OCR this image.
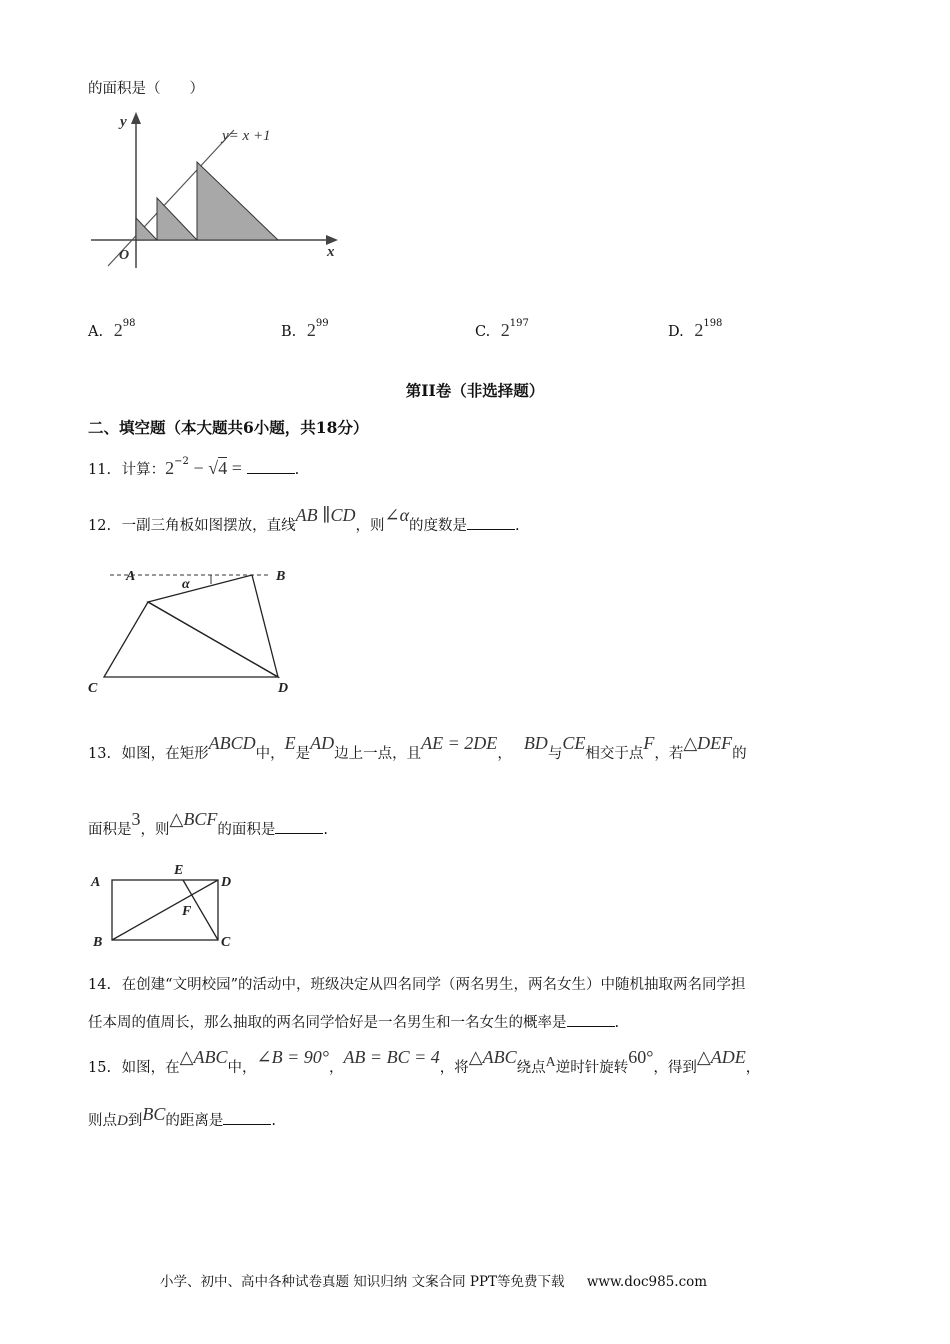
的面积是（　　）
y
x
O
y= x +1
A. $2^{98}$
B. $2^{99}$
C. $2^{197}$
D. $2^{198}$
第II卷（非选择题）
二、填空题（本大题共6小题，共18分）
11. 计算：$2^{-2} - √4$ =	.
12. 一副三角板如图摆放，直线AB ∥CD，则∠α的度数是	.
A	B
C	D
α
13. 如图，在矩形ABCD中，E是AD边上一点，且AE = 2DE，BD与CE相交于点F，若△DEF的
面积是3，则△BCF的面积是	.
A
B	C
D
E
F
14. 在创建“文明校园”的活动中，班级决定从四名同学（两名男生，两名女生）中随机抽取两名同学担
任本周的值周长，那么抽取的两名同学恰好是一名男生和一名女生的概率是	.
15. 如图，在△ABC中，∠B = 90°，AB = BC = 4，将△ABC绕点A逆时针旋转60°，得到△ADE，
则点D到BC的距离是	.
小学、初中、高中各种试卷真题 知识归纳 文案合同 PPT等免费下载 www.doc985.com
